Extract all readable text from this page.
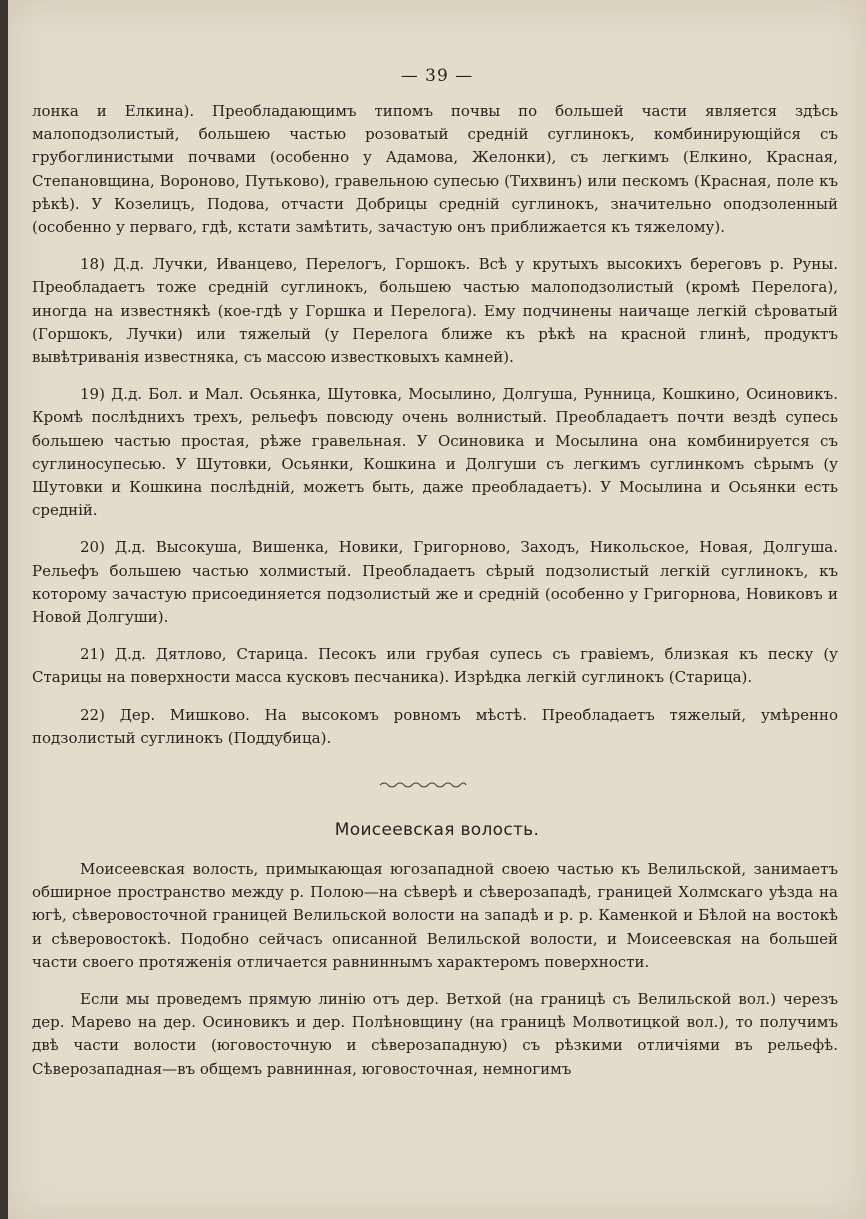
— 39 —

лонка и Елкина). Преобладающимъ типомъ почвы по большей части является здѣсь малоподзолистый, большею частью розоватый среднiй суглинокъ, комбинирующiйся съ грубоглинистыми почвами (особенно у Адамова, Желонки), съ легкимъ (Елкино, Красная, Степановщина, Вороново, Путьково), гравельною супесью (Тихвинъ) или пескомъ (Красная, поле къ рѣкѣ). У Козелицъ, Подова, отчасти Добрицы среднiй суглинокъ, значительно оподзоленный (особенно у перваго, гдѣ, кстати замѣтить, зачастую онъ приближается къ тяжелому).

18) Д.д. Лучки, Иванцево, Перелогъ, Горшокъ. Всѣ у крутыхъ высокихъ береговъ р. Руны. Преобладаетъ тоже среднiй суглинокъ, большею частью малоподзолистый (кромѣ Перелога), иногда на известнякѣ (кое-гдѣ у Горшка и Перелога). Ему подчинены наичаще легкiй сѣроватый (Горшокъ, Лучки) или тяжелый (у Перелога ближе къ рѣкѣ на красной глинѣ, продуктъ вывѣтриванiя известняка, съ массою известковыхъ камней).

19) Д.д. Бол. и Мал. Осьянка, Шутовка, Мосылино, Долгуша, Рунница, Кошкино, Осиновикъ. Кромѣ послѣднихъ трехъ, рельефъ повсюду очень волнистый. Преобладаетъ почти вездѣ супесь большею частью простая, рѣже гравельная. У Осиновика и Мосылина она комбинируется съ суглиносупесью. У Шутовки, Осьянки, Кошкина и Долгуши съ легкимъ суглинкомъ сѣрымъ (у Шутовки и Кошкина послѣднiй, можетъ быть, даже преобладаетъ). У Мосылина и Осьянки есть среднiй.

20) Д.д. Высокуша, Вишенка, Новики, Григорново, Заходъ, Никольское, Новая, Долгуша. Рельефъ большею частью холмистый. Преобладаетъ сѣрый подзолистый легкiй суглинокъ, къ которому зачастую присоединяется подзолистый же и среднiй (особенно у Григорнова, Новиковъ и Новой Долгуши).

21) Д.д. Дятлово, Старица. Песокъ или грубая супесь съ гравiемъ, близкая къ песку (у Старицы на поверхности масса кусковъ песчаника). Изрѣдка легкiй суглинокъ (Старица).

22) Дер. Мишково. На высокомъ ровномъ мѣстѣ. Преобладаетъ тяжелый, умѣренно подзолистый суглинокъ (Поддубица).

Моисеевская волость.

Моисеевская волость, примыкающая югозападной своею частью къ Велильской, занимаетъ обширное пространство между р. Полою—на сѣверѣ и сѣверозападѣ, границей Холмскагo уѣзда на югѣ, сѣверовосточной границей Велильской волости на западѣ и р. р. Каменкой и Бѣлой на востокѣ и сѣверовостокѣ. Подобно сейчасъ описанной Велильской волости, и Моисеевская на большей части своего протяженiя отличается равниннымъ характеромъ поверхности.

Если мы проведемъ прямую линiю отъ дер. Ветхой (на границѣ съ Велильской вол.) черезъ дер. Марево на дер. Осиновикъ и дер. Полѣновщину (на границѣ Молвотицкой вол.), то получимъ двѣ части волости (юговосточную и сѣверозападную) съ рѣзкими отличiями въ рельефѣ. Сѣверозападная—въ общемъ равнинная, юговосточная, немногимъ
